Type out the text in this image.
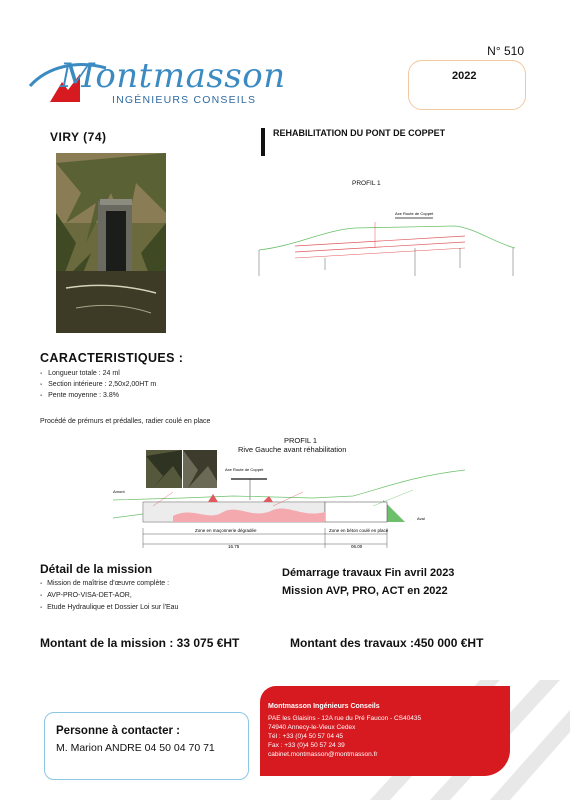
N° 510
2022
Montmasson
INGÉNIEURS CONSEILS
VIRY (74)	REHABILITATION DU PONT DE COPPET
PROFIL 1
Axe Route de Coppet
CARACTERISTIQUES :
▪ Longueur totale : 24 ml
▪ Section intérieure : 2,50x2,00HT m
▪ Pente moyenne : 3.8%
Procédé de prémurs et prédalles, radier coulé en place
PROFIL 1
Rive Gauche avant réhabilitation
Axe Route de Coppet
Amont
Aval
Zone en maçonnerie dégradée	Zone en béton coulé en place
16.75	06.00
Détail de la mission
▪ Mission de maîtrise d'œuvre complète :
▪ AVP-PRO-VISA-DET-AOR,
▪ Etude Hydraulique et Dossier Loi sur l'Eau
Démarrage travaux Fin avril 2023
Mission AVP, PRO, ACT en 2022
Montant de la mission : 33 075 €HT	Montant des travaux :450 000 €HT
Personne à contacter :
M. Marion ANDRE 04 50 04 70 71
Montmasson Ingénieurs Conseils
PAE les Glaisins - 12A rue du Pré Faucon - CS40435
74940 Annecy-le-Vieux Cedex
Tél : +33 (0)4 50 57 04 45
Fax : +33 (0)4 50 57 24 39
cabinet.montmasson@montmasson.fr
